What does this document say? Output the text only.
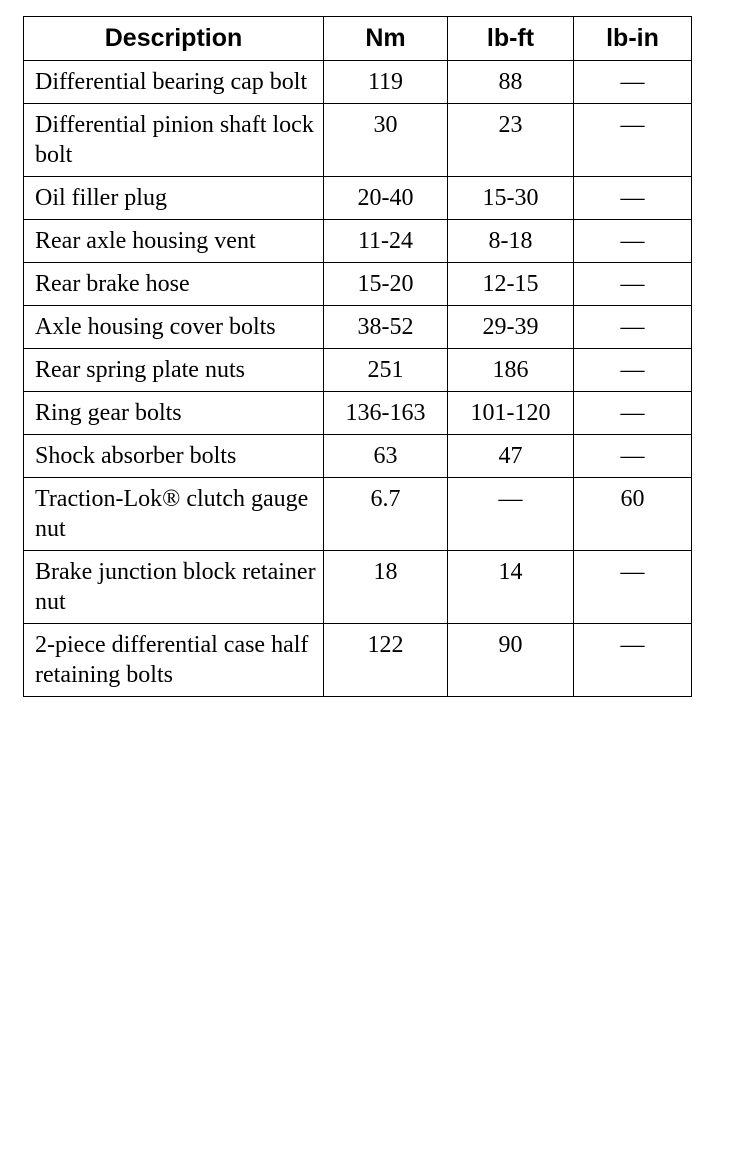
Description	Nm	lb-ft	lb-in
Differential bearing cap bolt	119	88	—
Differential pinion shaft lock bolt	30	23	—
Oil filler plug	20-40	15-30	—
Rear axle housing vent	11-24	8-18	—
Rear brake hose	15-20	12-15	—
Axle housing cover bolts	38-52	29-39	—
Rear spring plate nuts	251	186	—
Ring gear bolts	136-163	101-120	—
Shock absorber bolts	63	47	—
Traction-Lok® clutch gauge nut	6.7	—	60
Brake junction block retainer nut	18	14	—
2-piece differential case half retaining bolts	122	90	—
